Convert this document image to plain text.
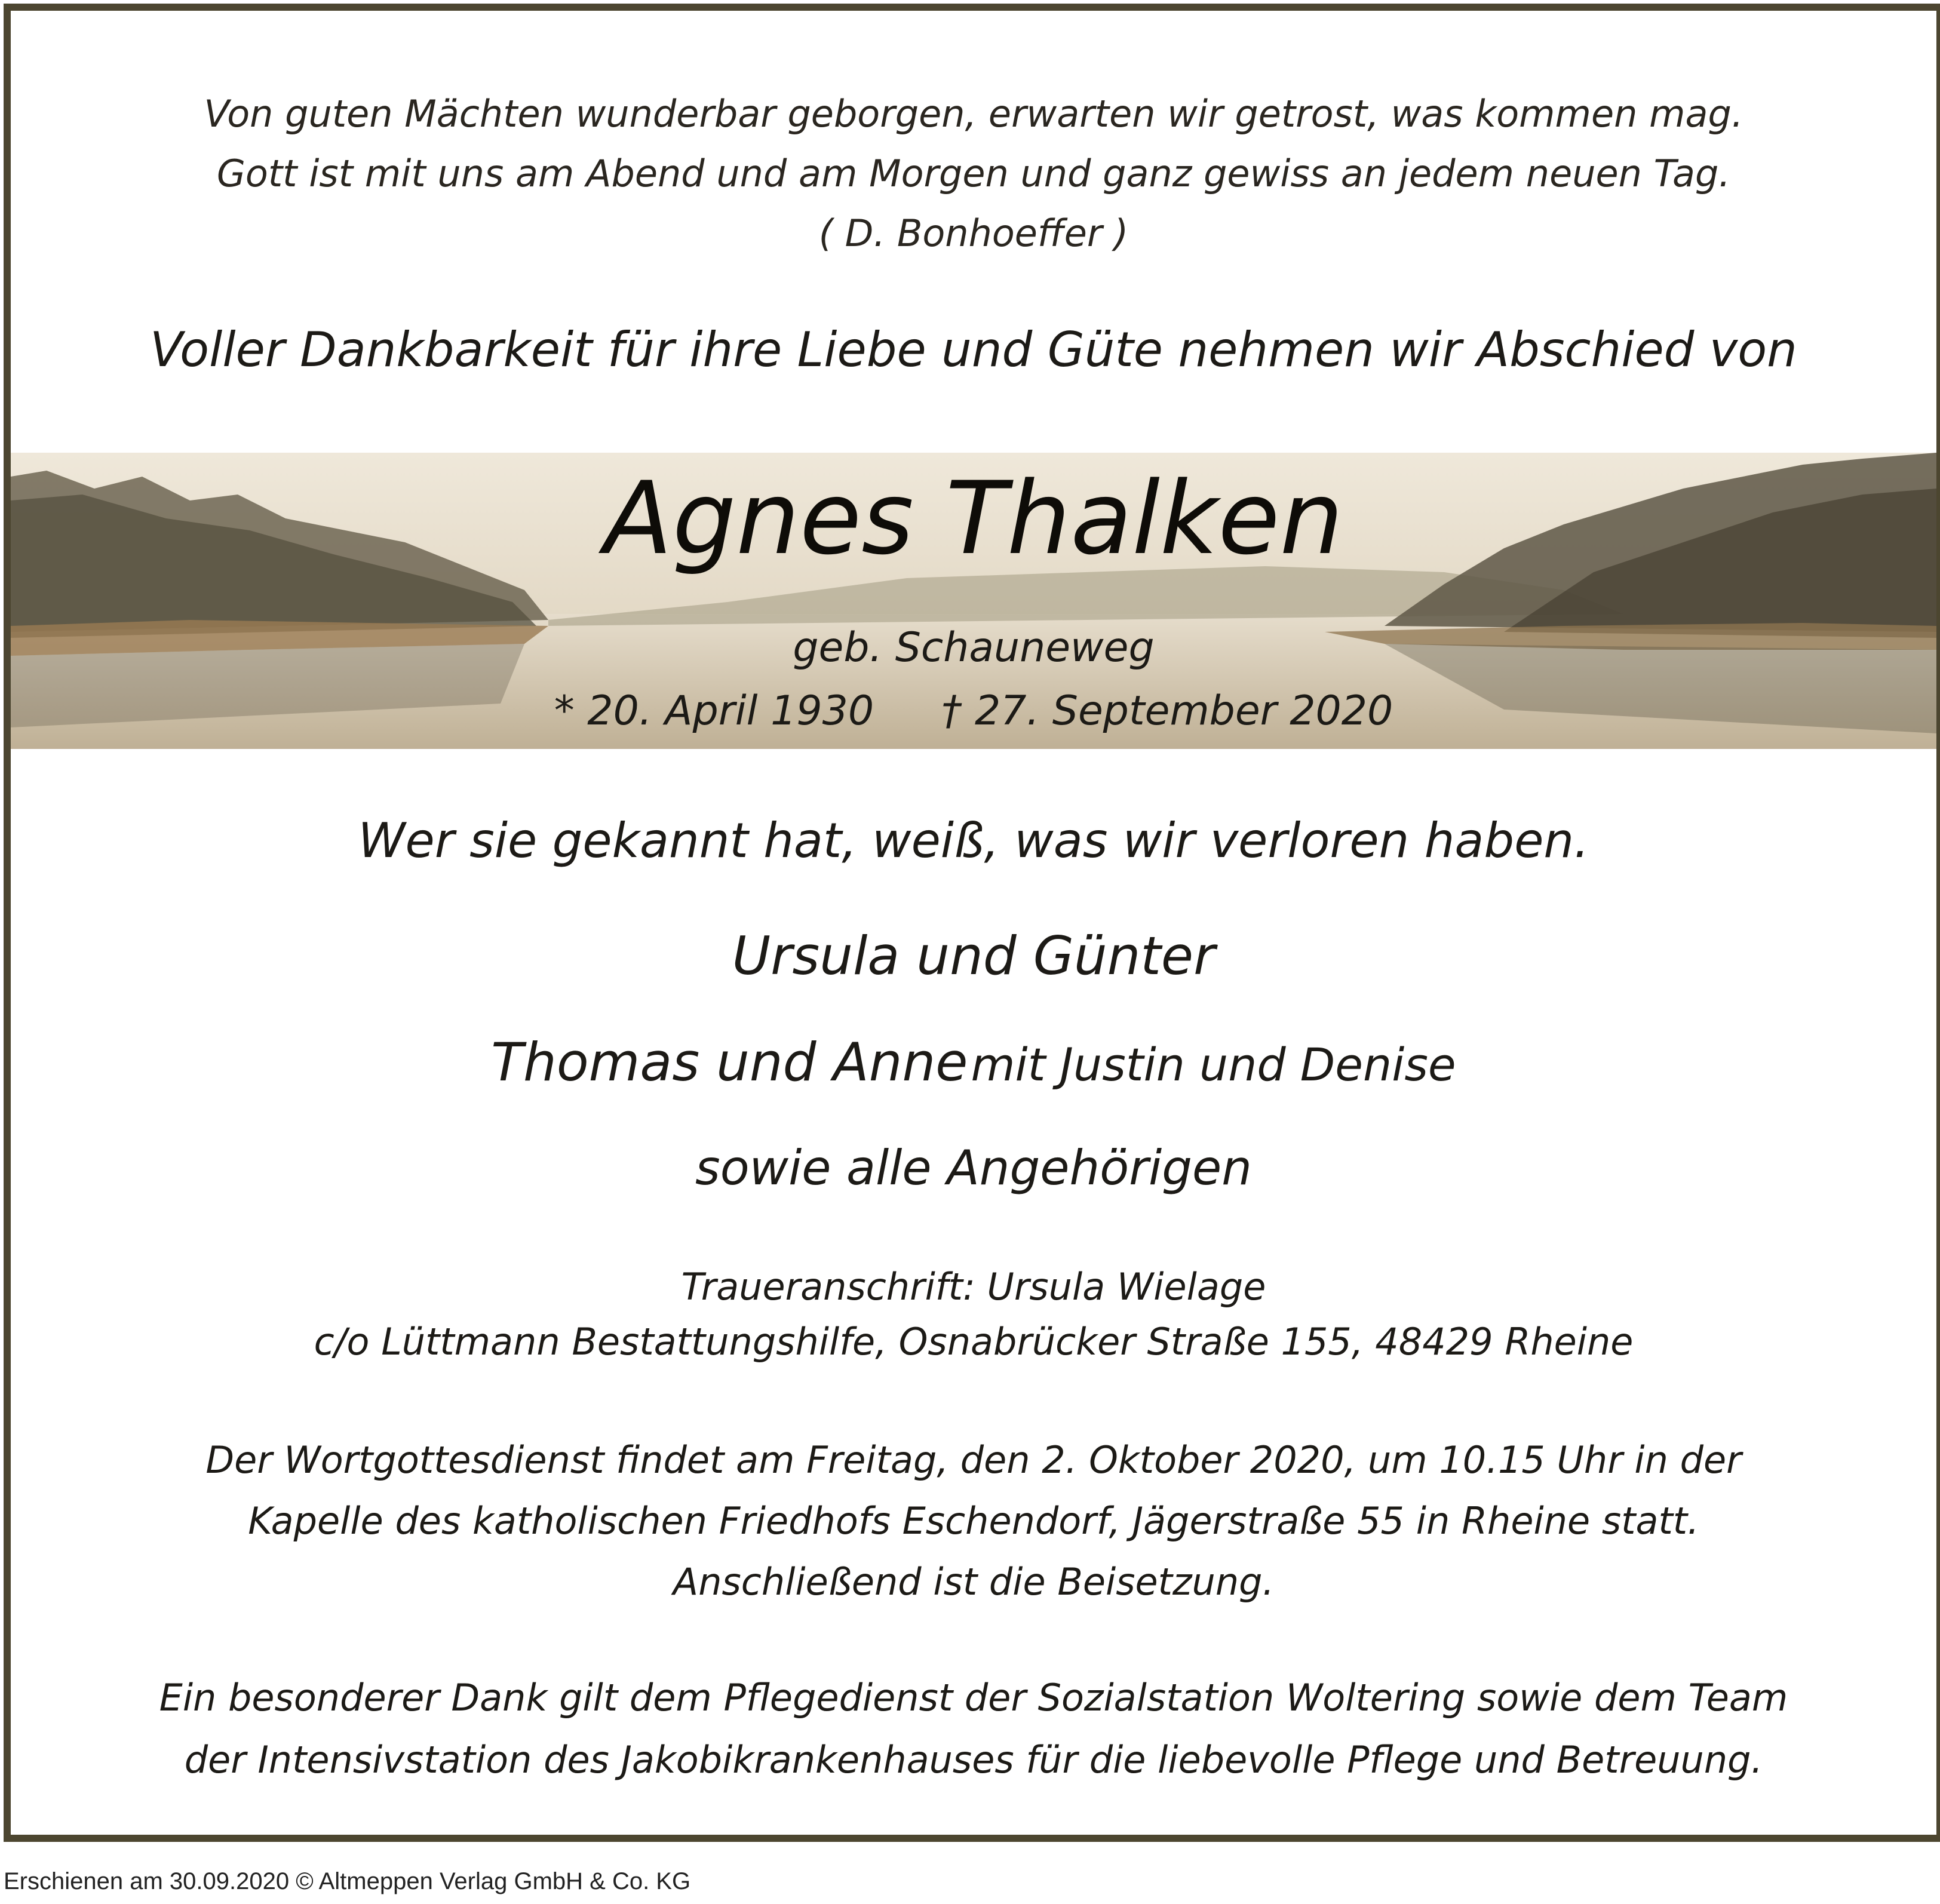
Von guten Mächten wunderbar geborgen, erwarten wir getrost, was kommen mag.
Gott ist mit uns am Abend und am Morgen und ganz gewiss an jedem neuen Tag.
( D. Bonhoeffer )
Voller Dankbarkeit für ihre Liebe und Güte nehmen wir Abschied von
Agnes Thalken
geb. Schauneweg
* 20. April 1930 † 27. September 2020
Wer sie gekannt hat, weiß, was wir verloren haben.
Ursula und Günter
Thomas und Anne mit Justin und Denise
sowie alle Angehörigen
Traueranschrift: Ursula Wielage
c/o Lüttmann Bestattungshilfe, Osnabrücker Straße 155, 48429 Rheine
Der Wortgottesdienst findet am Freitag, den 2. Oktober 2020, um 10.15 Uhr in der
Kapelle des katholischen Friedhofs Eschendorf, Jägerstraße 55 in Rheine statt.
Anschließend ist die Beisetzung.
Ein besonderer Dank gilt dem Pflegedienst der Sozialstation Woltering sowie dem Team
der Intensivstation des Jakobikrankenhauses für die liebevolle Pflege und Betreuung.
Erschienen am 30.09.2020 © Altmeppen Verlag GmbH & Co. KG
